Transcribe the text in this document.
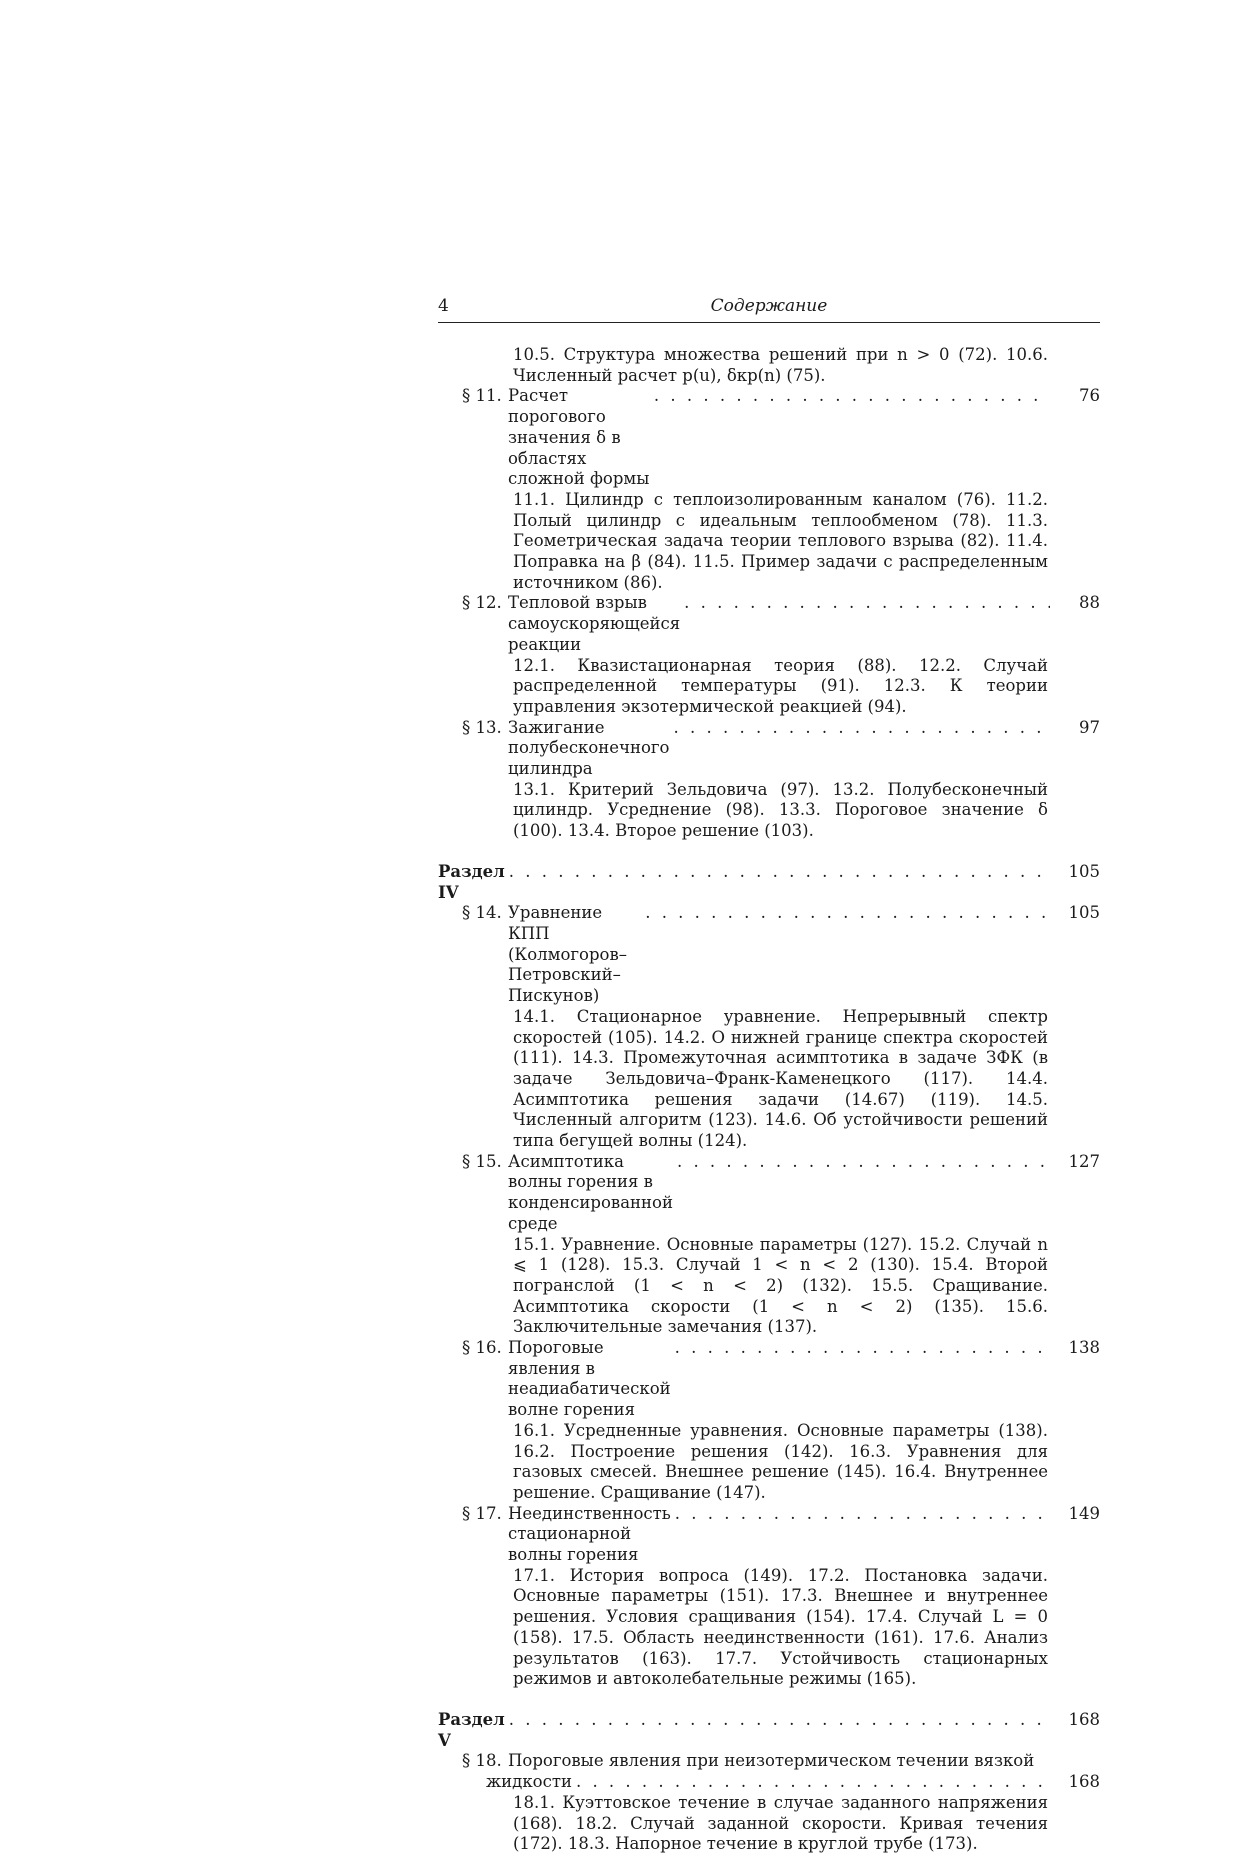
4	Содержание
10.5. Структура множества решений при n > 0 (72). 10.6. Численный расчет p(u), δкр(n) (75).
§ 11. Расчет порогового значения δ в областях сложной формы
. . .
76
11.1. Цилиндр с теплоизолированным каналом (76). 11.2. Полый цилиндр с идеальным теплообменом (78). 11.3. Геометрическая задача теории теплового взрыва (82). 11.4. Поправка на β (84). 11.5. Пример задачи с распределенным источником (86).
§ 12. Тепловой взрыв самоускоряющейся реакции
. . .
88
12.1. Квазистационарная теория (88). 12.2. Случай распределенной температуры (91). 12.3. К теории управления экзотермической реакцией (94).
§ 13. Зажигание полубесконечного цилиндра
. . .
97
13.1. Критерий Зельдовича (97). 13.2. Полубесконечный цилиндр. Усреднение (98). 13.3. Пороговое значение δ (100). 13.4. Второе решение (103).
Раздел IV
. . .
105
§ 14. Уравнение КПП (Колмогоров–Петровский–Пискунов)
. . .
105
14.1. Стационарное уравнение. Непрерывный спектр скоростей (105). 14.2. О нижней границе спектра скоростей (111). 14.3. Промежуточная асимптотика в задаче ЗФК (в задаче Зельдовича–Франк-Каменецкого (117). 14.4. Асимптотика решения задачи (14.67) (119). 14.5. Численный алгоритм (123). 14.6. Об устойчивости решений типа бегущей волны (124).
§ 15. Асимптотика волны горения в конденсированной среде
. . .
127
15.1. Уравнение. Основные параметры (127). 15.2. Случай n ⩽ 1 (128). 15.3. Случай 1 < n < 2 (130). 15.4. Второй погранслой (1 < n < 2) (132). 15.5. Сращивание. Асимптотика скорости (1 < n < 2) (135). 15.6. Заключительные замечания (137).
§ 16. Пороговые явления в неадиабатической волне горения
. . .
138
16.1. Усредненные уравнения. Основные параметры (138). 16.2. Построение решения (142). 16.3. Уравнения для газовых смесей. Внешнее решение (145). 16.4. Внутреннее решение. Сращивание (147).
§ 17. Неединственность стационарной волны горения
. . .
149
17.1. История вопроса (149). 17.2. Постановка задачи. Основные параметры (151). 17.3. Внешнее и внутреннее решения. Условия сращивания (154). 17.4. Случай L = 0 (158). 17.5. Область неединственности (161). 17.6. Анализ результатов (163). 17.7. Устойчивость стационарных режимов и автоколебательные режимы (165).
Раздел V
. . .
168
§ 18. Пороговые явления при неизотермическом течении вязкой
жидкости
. . .	168
18.1. Куэттовское течение в случае заданного напряжения (168). 18.2. Случай заданной скорости. Кривая течения (172). 18.3. Напорное течение в круглой трубе (173).
